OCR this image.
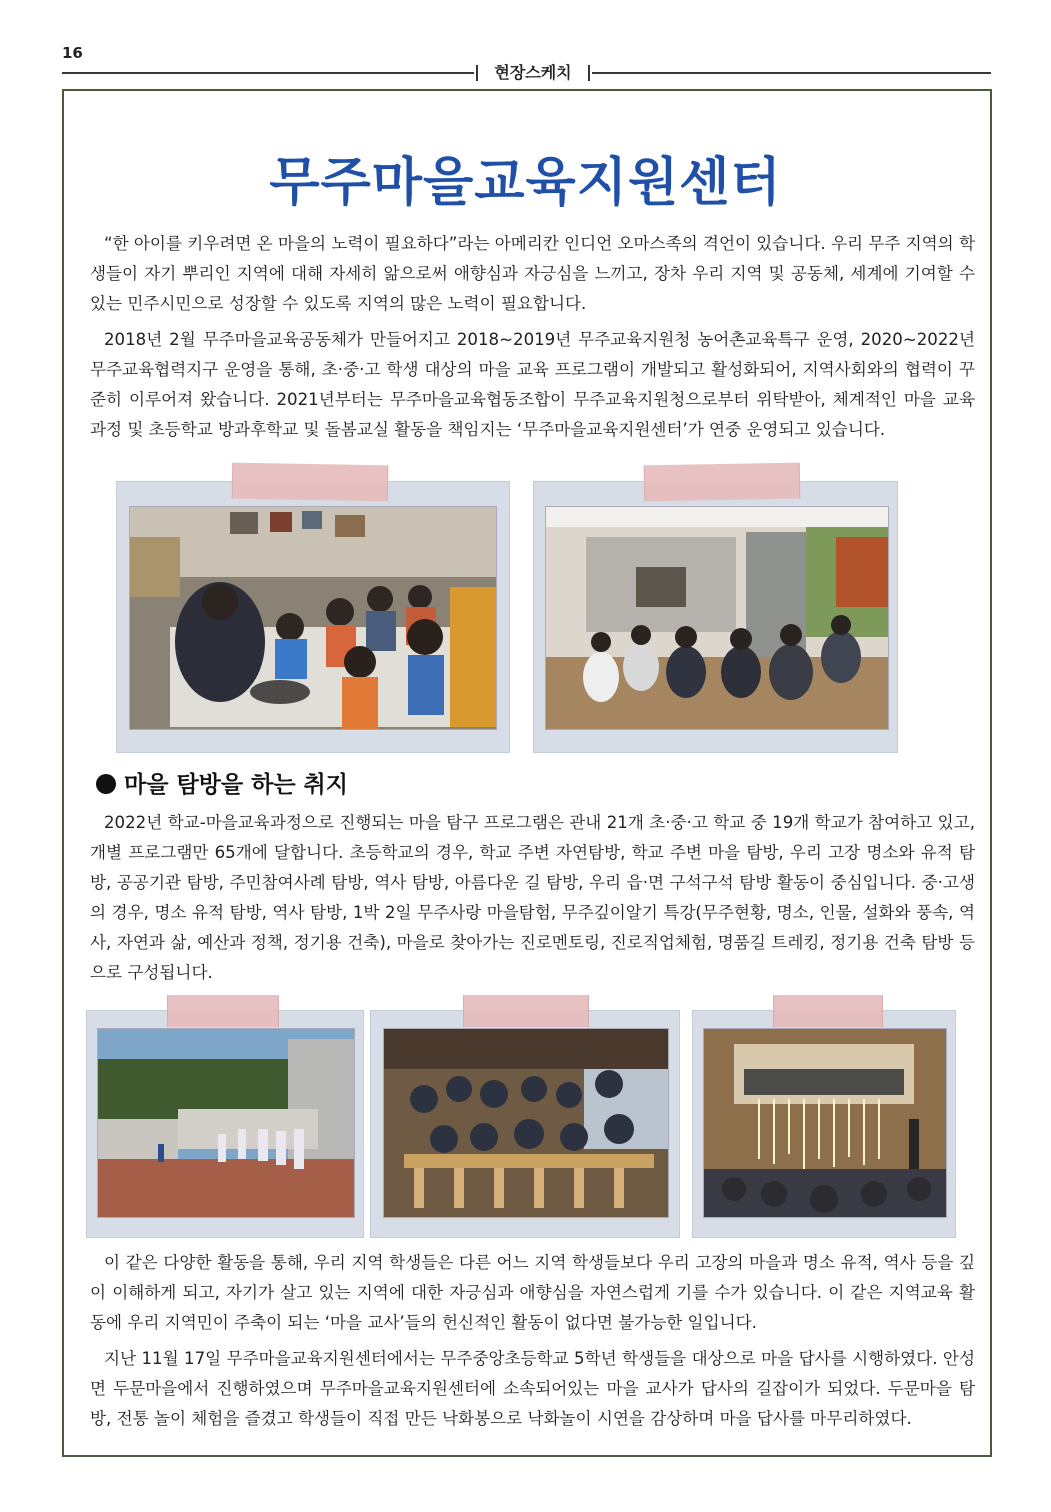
16
현장스케치
무주마을교육지원센터

“한 아이를 키우려면 온 마을의 노력이 필요하다”라는 아메리칸 인디언 오마스족의 격언이 있습니다. 우리 무주 지역의 학생들이 자기 뿌리인 지역에 대해 자세히 앎으로써 애향심과 자긍심을 느끼고, 장차 우리 지역 및 공동체, 세계에 기여할 수 있는 민주시민으로 성장할 수 있도록 지역의 많은 노력이 필요합니다.

2018년 2월 무주마을교육공동체가 만들어지고 2018~2019년 무주교육지원청 농어촌교육특구 운영, 2020~2022년 무주교육협력지구 운영을 통해, 초·중·고 학생 대상의 마을 교육 프로그램이 개발되고 활성화되어, 지역사회와의 협력이 꾸준히 이루어져 왔습니다. 2021년부터는 무주마을교육협동조합이 무주교육지원청으로부터 위탁받아, 체계적인 마을 교육과정 및 초등학교 방과후학교 및 돌봄교실 활동을 책임지는 ‘무주마을교육지원센터’가 연중 운영되고 있습니다.

마을 탐방을 하는 취지

2022년 학교-마을교육과정으로 진행되는 마을 탐구 프로그램은 관내 21개 초·중·고 학교 중 19개 학교가 참여하고 있고, 개별 프로그램만 65개에 달합니다. 초등학교의 경우, 학교 주변 자연탐방, 학교 주변 마을 탐방, 우리 고장 명소와 유적 탐방, 공공기관 탐방, 주민참여사례 탐방, 역사 탐방, 아름다운 길 탐방, 우리 읍·면 구석구석 탐방 활동이 중심입니다. 중·고생의 경우, 명소 유적 탐방, 역사 탐방, 1박 2일 무주사랑 마을탐험, 무주깊이알기 특강(무주현황, 명소, 인물, 설화와 풍속, 역사, 자연과 삶, 예산과 정책, 정기용 건축), 마을로 찾아가는 진로멘토링, 진로직업체험, 명품길 트레킹, 정기용 건축 탐방 등으로 구성됩니다.

이 같은 다양한 활동을 통해, 우리 지역 학생들은 다른 어느 지역 학생들보다 우리 고장의 마을과 명소 유적, 역사 등을 깊이 이해하게 되고, 자기가 살고 있는 지역에 대한 자긍심과 애향심을 자연스럽게 기를 수가 있습니다. 이 같은 지역교육 활동에 우리 지역민이 주축이 되는 ‘마을 교사’들의 헌신적인 활동이 없다면 불가능한 일입니다.

지난 11월 17일 무주마을교육지원센터에서는 무주중앙초등학교 5학년 학생들을 대상으로 마을 답사를 시행하였다. 안성면 두문마을에서 진행하였으며 무주마을교육지원센터에 소속되어있는 마을 교사가 답사의 길잡이가 되었다. 두문마을 탐방, 전통 놀이 체험을 즐겼고 학생들이 직접 만든 낙화봉으로 낙화놀이 시연을 감상하며 마을 답사를 마무리하였다.
